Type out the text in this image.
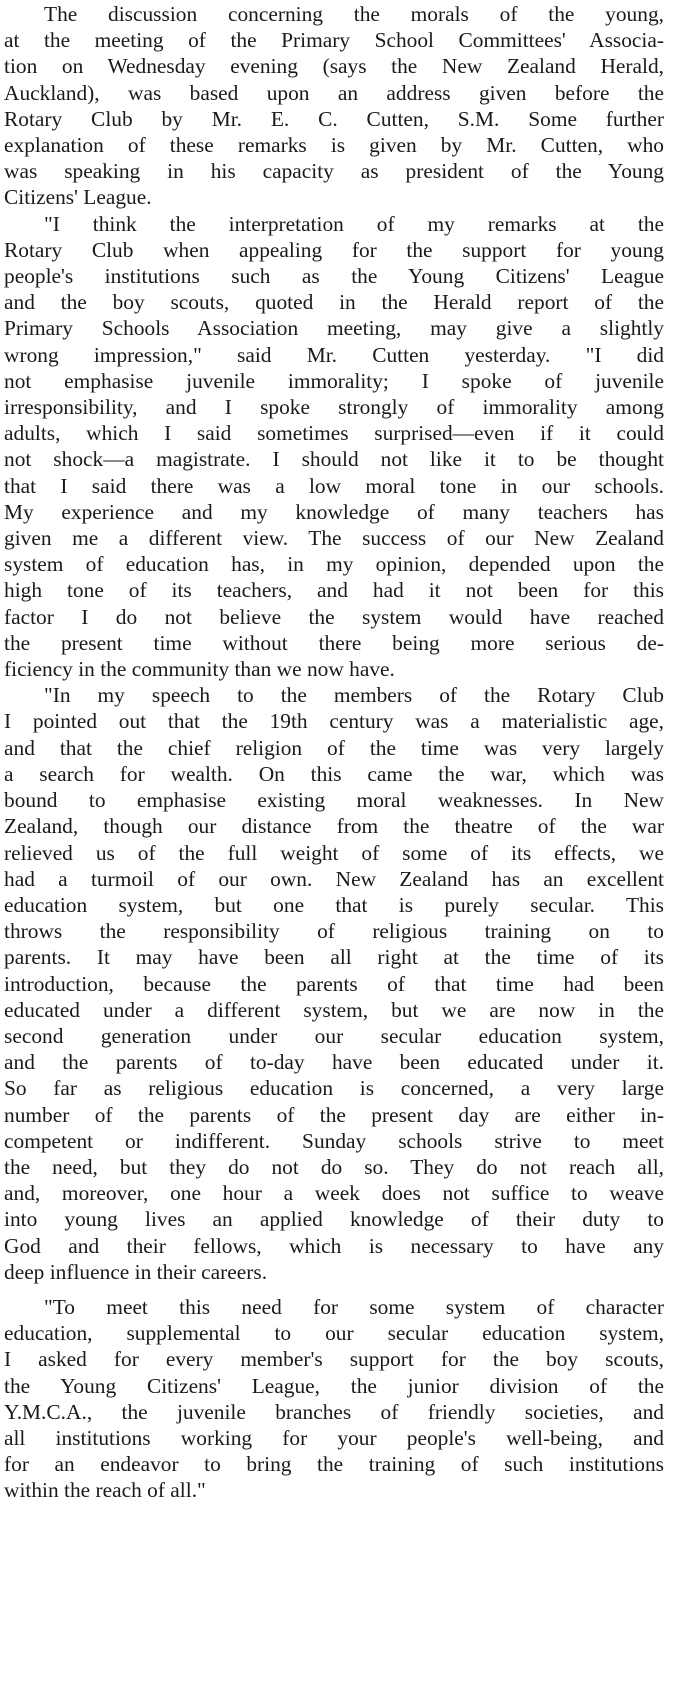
The discussion concerning the morals of the young,
at the meeting of the Primary School Committees' Associa-
tion on Wednesday evening (says the New Zealand Herald,
Auckland), was based upon an address given before the
Rotary Club by Mr. E. C. Cutten, S.M. Some further
explanation of these remarks is given by Mr. Cutten, who
was speaking in his capacity as president of the Young
Citizens' League.
"I think the interpretation of my remarks at the
Rotary Club when appealing for the support for young
people's institutions such as the Young Citizens' League
and the boy scouts, quoted in the Herald report of the
Primary Schools Association meeting, may give a slightly
wrong impression," said Mr. Cutten yesterday. "I did
not emphasise juvenile immorality; I spoke of juvenile
irresponsibility, and I spoke strongly of immorality among
adults, which I said sometimes surprised—even if it could
not shock—a magistrate. I should not like it to be thought
that I said there was a low moral tone in our schools.
My experience and my knowledge of many teachers has
given me a different view. The success of our New Zealand
system of education has, in my opinion, depended upon the
high tone of its teachers, and had it not been for this
factor I do not believe the system would have reached
the present time without there being more serious de-
ficiency in the community than we now have.
"In my speech to the members of the Rotary Club
I pointed out that the 19th century was a materialistic age,
and that the chief religion of the time was very largely
a search for wealth. On this came the war, which was
bound to emphasise existing moral weaknesses. In New
Zealand, though our distance from the theatre of the war
relieved us of the full weight of some of its effects, we
had a turmoil of our own. New Zealand has an excellent
education system, but one that is purely secular. This
throws the responsibility of religious training on to
parents. It may have been all right at the time of its
introduction, because the parents of that time had been
educated under a different system, but we are now in the
second generation under our secular education system,
and the parents of to-day have been educated under it.
So far as religious education is concerned, a very large
number of the parents of the present day are either in-
competent or indifferent. Sunday schools strive to meet
the need, but they do not do so. They do not reach all,
and, moreover, one hour a week does not suffice to weave
into young lives an applied knowledge of their duty to
God and their fellows, which is necessary to have any
deep influence in their careers.
"To meet this need for some system of character
education, supplemental to our secular education system,
I asked for every member's support for the boy scouts,
the Young Citizens' League, the junior division of the
Y.M.C.A., the juvenile branches of friendly societies, and
all institutions working for your people's well-being, and
for an endeavor to bring the training of such institutions
within the reach of all."
